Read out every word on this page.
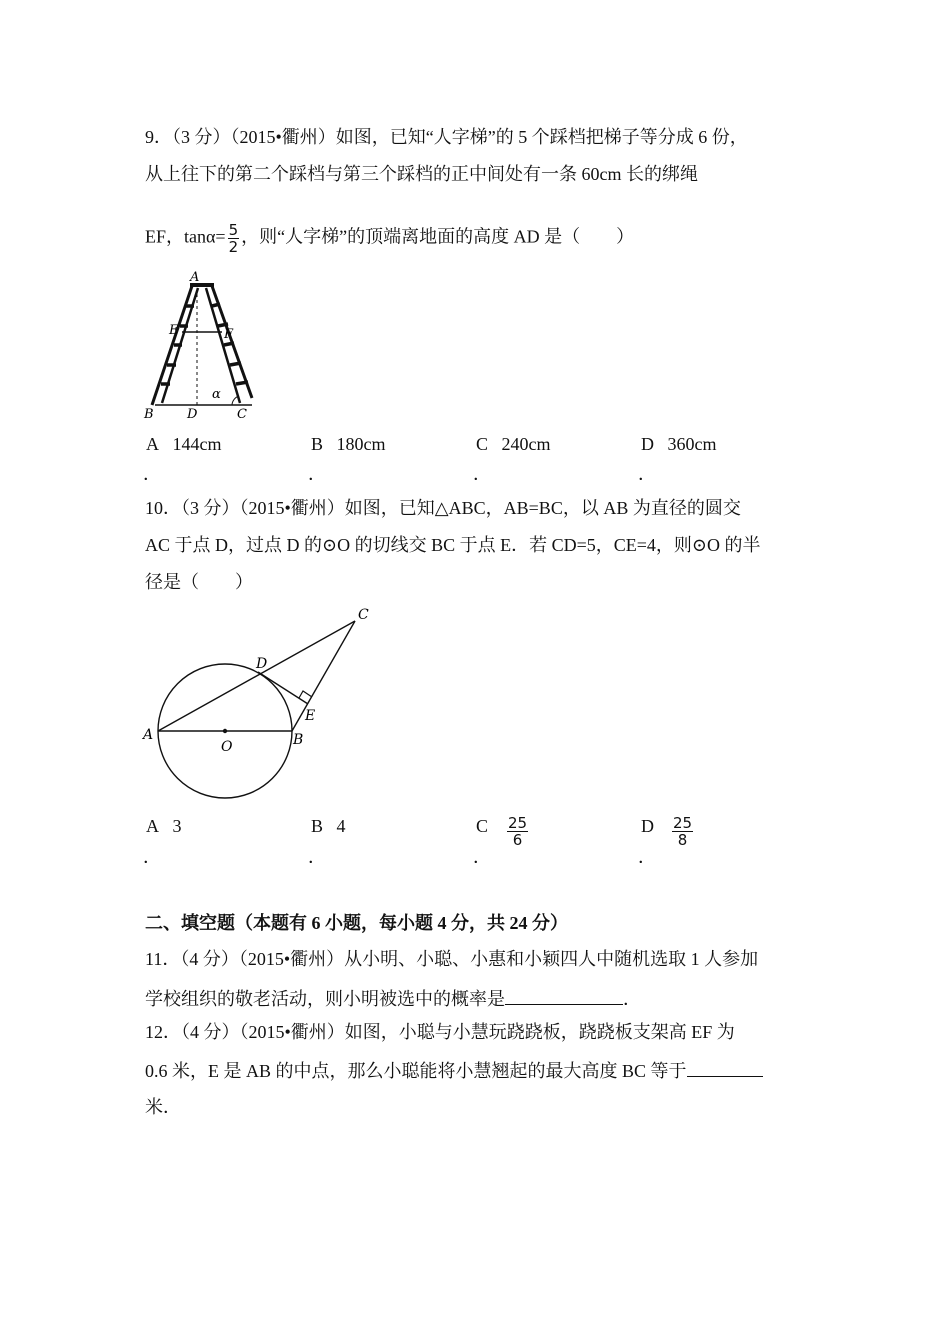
9．（3 分）（2015•衢州）如图，已知“人字梯”的 5 个踩档把梯子等分成 6 份，
从上往下的第二个踩档与第三个踩档的正中间处有一条 60cm 长的绑绳
EF，$\tan\alpha= \frac{5}{2}$ ，则“人字梯”的顶端离地面的高度 AD 是（　　）
A
E	F
α
B	D	C
A 144cm	B 180cm	C 240cm	D 360cm
．	．	．	．
10．（3 分）（2015•衢州）如图，已知△ABC，AB=BC，以 AB 为直径的圆交
AC 于点 D，过点 D 的⊙O 的切线交 BC 于点 E．若 CD=5，CE=4，则⊙O 的半
径是（　　）
C
D
E
A	B
O
A 3	B 4	C $\frac{25}{6}$	D $\frac{25}{8}$
．	．	．	．
二、填空题（本题有 6 小题，每小题 4 分，共 24 分）
11．（4 分）（2015•衢州）从小明、小聪、小惠和小颖四人中随机选取 1 人参加
学校组织的敬老活动，则小明被选中的概率是	．
12．（4 分）（2015•衢州）如图，小聪与小慧玩跷跷板，跷跷板支架高 EF 为
0.6 米，E 是 AB 的中点，那么小聪能将小慧翘起的最大高度 BC 等于
米．
